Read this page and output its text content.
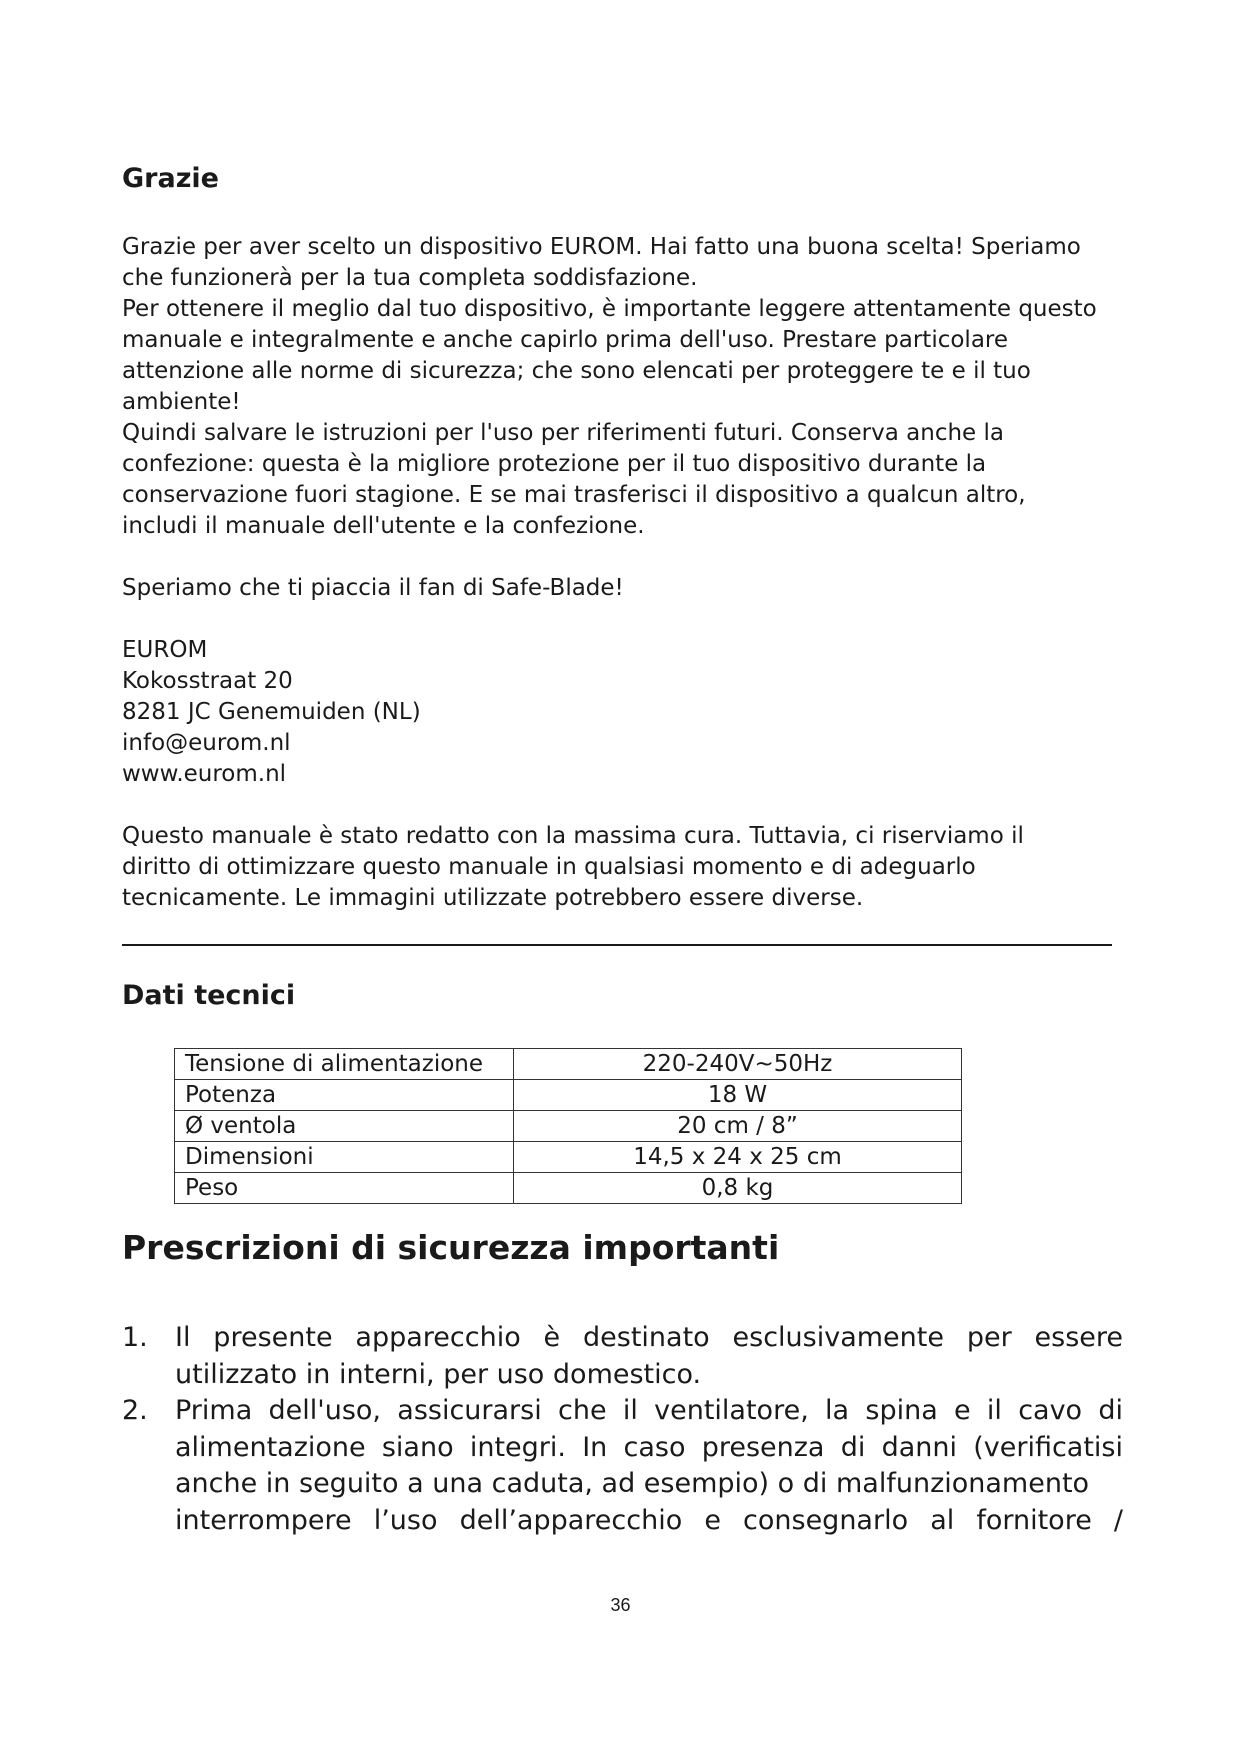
Grazie

Grazie per aver scelto un dispositivo EUROM. Hai fatto una buona scelta! Speriamo
che funzionerà per la tua completa soddisfazione.
Per ottenere il meglio dal tuo dispositivo, è importante leggere attentamente questo
manuale e integralmente e anche capirlo prima dell'uso. Prestare particolare
attenzione alle norme di sicurezza; che sono elencati per proteggere te e il tuo
ambiente!
Quindi salvare le istruzioni per l'uso per riferimenti futuri. Conserva anche la
confezione: questa è la migliore protezione per il tuo dispositivo durante la
conservazione fuori stagione. E se mai trasferisci il dispositivo a qualcun altro,
includi il manuale dell'utente e la confezione.

Speriamo che ti piaccia il fan di Safe-Blade!

EUROM
Kokosstraat 20
8281 JC Genemuiden (NL)
info@eurom.nl
www.eurom.nl

Questo manuale è stato redatto con la massima cura. Tuttavia, ci riserviamo il
diritto di ottimizzare questo manuale in qualsiasi momento e di adeguarlo
tecnicamente. Le immagini utilizzate potrebbero essere diverse.

Dati tecnici
Tensione di alimentazione	220-240V~50Hz
Potenza	18 W
Ø ventola	20 cm / 8”
Dimensioni	14,5 x 24 x 25 cm
Peso	0,8 kg
Prescrizioni di sicurezza importanti
1. Il presente apparecchio è destinato esclusivamente per essere
utilizzato in interni, per uso domestico.
2. Prima dell'uso, assicurarsi che il ventilatore, la spina e il cavo di
alimentazione siano integri. In caso presenza di danni (verificatisi
anche in seguito a una caduta, ad esempio) o di malfunzionamento
interrompere l’uso dell’apparecchio e consegnarlo al fornitore /
36
